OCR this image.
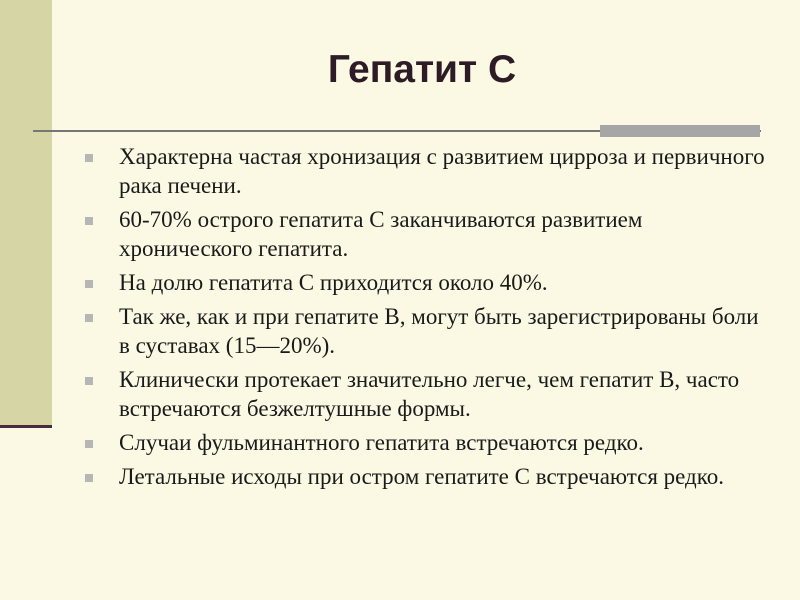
Гепатит С
Характерна частая хронизация с развитием цирроза и первичного рака печени.
60-70% острого гепатита С заканчиваются развитием хронического гепатита.
На долю гепатита С приходится около 40%.
Так же, как и при гепатите В, могут быть зарегистрированы боли в суставах (15—20%).
Клинически протекает значительно легче, чем гепатит В, часто встречаются безжелтушные формы.
Случаи фульминантного гепатита встречаются редко.
Летальные исходы при остром гепатите С встречаются редко.
